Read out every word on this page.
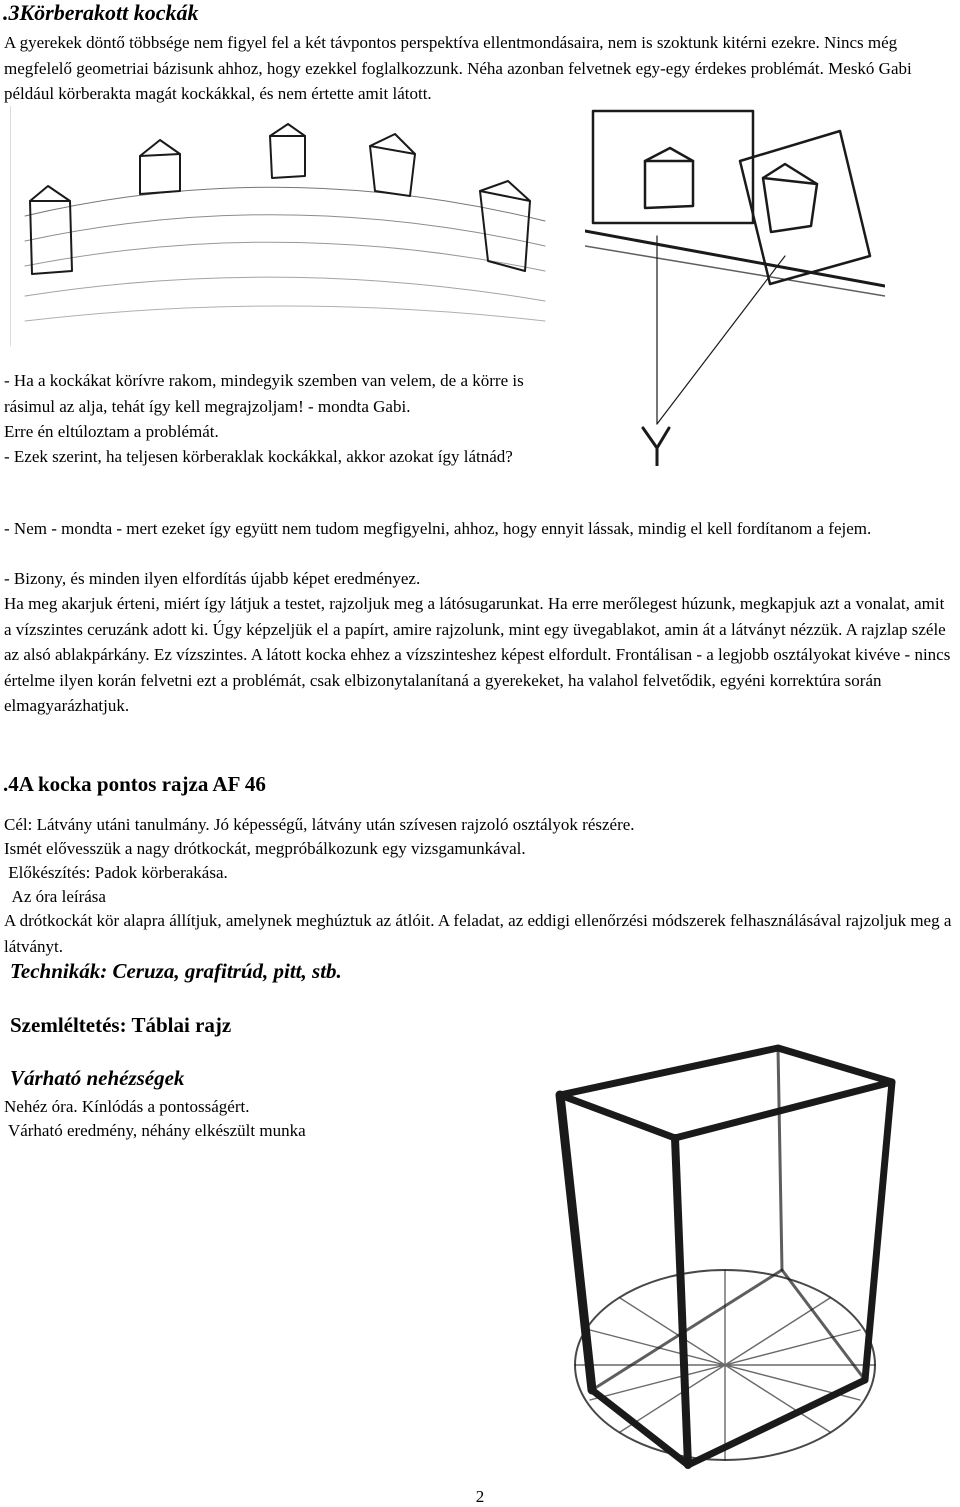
.3Körberakott kockák

A gyerekek döntő többsége nem figyel fel a két távpontos perspektíva ellentmondásaira, nem is szoktunk kitérni ezekre. Nincs még megfelelő geometriai bázisunk ahhoz, hogy ezekkel foglalkozzunk. Néha azonban felvetnek egy-egy érdekes problémát. Meskó Gabi például körberakta magát kockákkal, és nem értette amit látott.

- Ha a kockákat körívre rakom, mindegyik szemben van velem, de a körre is rásimul az alja, tehát így kell megrajzoljam! - mondta Gabi.

Erre én eltúloztam a problémát.

- Ezek szerint, ha teljesen körberaklak kockákkal, akkor azokat így látnád?

- Nem - mondta - mert ezeket így együtt nem tudom megfigyelni, ahhoz, hogy ennyit lássak, mindig el kell fordítanom a fejem.

- Bizony, és minden ilyen elfordítás újabb képet eredményez.

Ha meg akarjuk érteni, miért így látjuk a testet, rajzoljuk meg a látósugarunkat. Ha erre merőlegest húzunk, megkapjuk azt a vonalat, amit a vízszintes ceruzánk adott ki. Úgy képzeljük el a papírt, amire rajzolunk, mint egy üvegablakot, amin át a látványt nézzük. A rajzlap széle az alsó ablakpárkány. Ez vízszintes. A látott kocka ehhez a vízszinteshez képest elfordult. Frontálisan - a legjobb osztályokat kivéve - nincs értelme ilyen korán felvetni ezt a problémát, csak elbizonytalanítaná a gyerekeket, ha valahol felvetődik, egyéni korrektúra során elmagyarázhatjuk.

.4A kocka pontos rajza AF 46

Cél: Látvány utáni tanulmány. Jó képességű, látvány után szívesen rajzoló osztályok részére.

Ismét elővesszük a nagy drótkockát, megpróbálkozunk egy vizsgamunkával.

Előkészítés: Padok körberakása.

Az óra leírása

A drótkockát kör alapra állítjuk, amelynek meghúztuk az átlóit. A feladat, az eddigi ellenőrzési módszerek felhasználásával rajzoljuk meg a látványt.

Technikák: Ceruza, grafitrúd, pitt, stb.

Szemléltetés: Táblai rajz

Várható nehézségek

Nehéz óra. Kínlódás a pontosságért.

Várható eredmény, néhány elkészült munka

2
